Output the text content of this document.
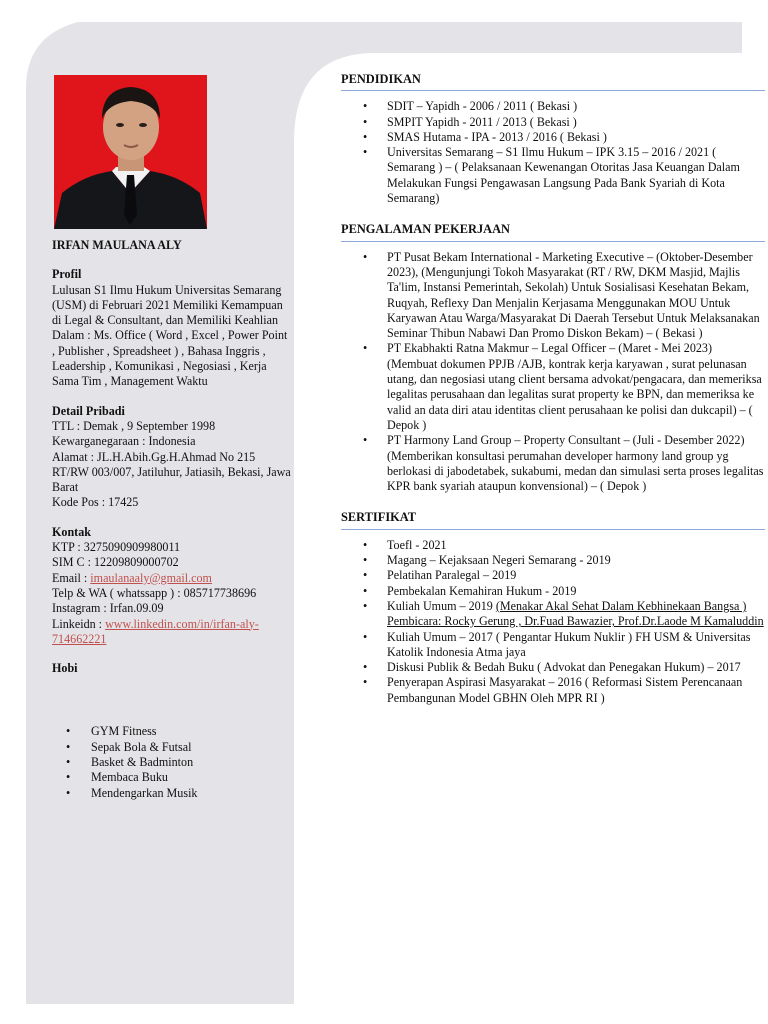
IRFAN MAULANA ALY

Profil

Lulusan S1 Ilmu Hukum Universitas Semarang (USM) di Februari 2021 Memiliki Kemampuan di Legal & Consultant, dan Memiliki Keahlian Dalam : Ms. Office ( Word , Excel , Power Point , Publisher , Spreadsheet ) , Bahasa Inggris , Leadership , Komunikasi , Negosiasi , Kerja Sama Tim , Management Waktu

Detail Pribadi

TTL : Demak , 9 September 1998

Kewarganegaraan : Indonesia

Alamat : JL.H.Abih.Gg.H.Ahmad No 215 RT/RW 003/007, Jatiluhur, Jatiasih, Bekasi, Jawa Barat

Kode Pos : 17425

Kontak

KTP : 3275090909980011

SIM C : 12209809000702

Email : imaulanaaly@gmail.com

Telp & WA ( whatssapp ) : 085717738696

Instagram : Irfan.09.09

Linkeidn : www.linkedin.com/in/irfan-aly-714662221

Hobi

• GYM Fitness
• Sepak Bola & Futsal
• Basket & Badminton
• Membaca Buku
• Mendengarkan Musik
PENDIDIKAN
• SDIT – Yapidh - 2006 / 2011 ( Bekasi )
• SMPIT Yapidh - 2011 / 2013 ( Bekasi )
• SMAS Hutama - IPA - 2013 / 2016 ( Bekasi )
• Universitas Semarang – S1 Ilmu Hukum – IPK 3.15 – 2016 / 2021 ( Semarang ) – ( Pelaksanaan Kewenangan Otoritas Jasa Keuangan Dalam Melakukan Fungsi Pengawasan Langsung Pada Bank Syariah di Kota Semarang)
PENGALAMAN PEKERJAAN
• PT Pusat Bekam International - Marketing Executive – (Oktober-Desember 2023), (Mengunjungi Tokoh Masyarakat (RT / RW, DKM Masjid, Majlis Ta'lim, Instansi Pemerintah, Sekolah) Untuk Sosialisasi Kesehatan Bekam, Ruqyah, Reflexy Dan Menjalin Kerjasama Menggunakan MOU Untuk Karyawan Atau Warga/Masyarakat Di Daerah Tersebut Untuk Melaksanakan Seminar Thibun Nabawi Dan Promo Diskon Bekam) – ( Bekasi )
• PT Ekabhakti Ratna Makmur – Legal Officer – (Maret - Mei 2023) (Membuat dokumen PPJB /AJB, kontrak kerja karyawan , surat pelunasan utang, dan negosiasi utang client bersama advokat/pengacara, dan memeriksa legalitas perusahaan dan legalitas surat property ke BPN, dan memeriksa ke valid an data diri atau identitas client perusahaan ke polisi dan dukcapil) – ( Depok )
• PT Harmony Land Group – Property Consultant – (Juli - Desember 2022) (Memberikan konsultasi perumahan developer harmony land group yg berlokasi di jabodetabek, sukabumi, medan dan simulasi serta proses legalitas KPR bank syariah ataupun konvensional) – ( Depok )
SERTIFIKAT
• Toefl - 2021
• Magang – Kejaksaan Negeri Semarang - 2019
• Pelatihan Paralegal – 2019
• Pembekalan Kemahiran Hukum - 2019
• Kuliah Umum – 2019 (Menakar Akal Sehat Dalam Kebhinekaan Bangsa ) Pembicara: Rocky Gerung , Dr.Fuad Bawazier, Prof.Dr.Laode M Kamaluddin
• Kuliah Umum – 2017 ( Pengantar Hukum Nuklir ) FH USM & Universitas Katolik Indonesia Atma jaya
• Diskusi Publik & Bedah Buku ( Advokat dan Penegakan Hukum) – 2017
• Penyerapan Aspirasi Masyarakat – 2016 ( Reformasi Sistem Perencanaan Pembangunan Model GBHN Oleh MPR RI )
